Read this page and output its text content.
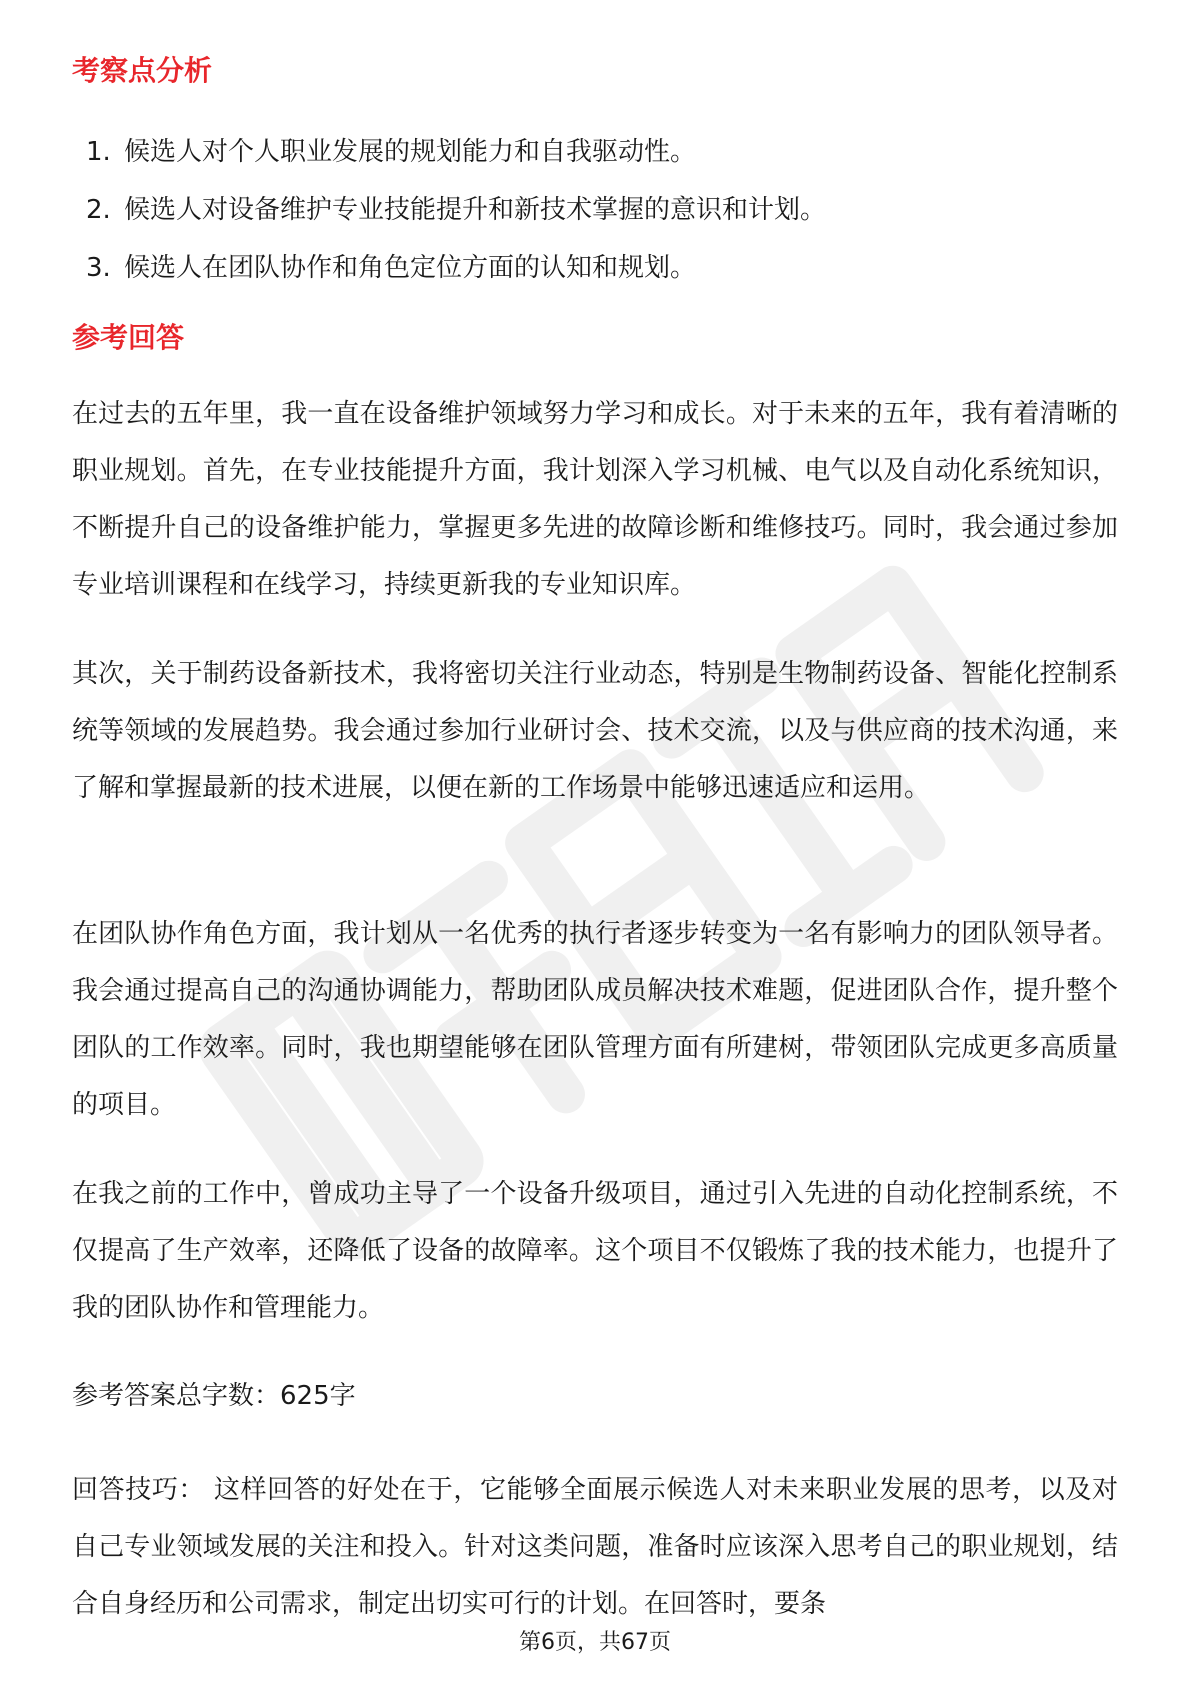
考察点分析
1. 候选人对个人职业发展的规划能力和自我驱动性。
2. 候选人对设备维护专业技能提升和新技术掌握的意识和计划。
3. 候选人在团队协作和角色定位方面的认知和规划。
参考回答

在过去的五年里，我一直在设备维护领域努力学习和成长。对于未来的五年，我有着清晰的职业规划。首先，在专业技能提升方面，我计划深入学习机械、电气以及自动化系统知识，不断提升自己的设备维护能力，掌握更多先进的故障诊断和维修技巧。同时，我会通过参加专业培训课程和在线学习，持续更新我的专业知识库。

其次，关于制药设备新技术，我将密切关注行业动态，特别是生物制药设备、智能化控制系统等领域的发展趋势。我会通过参加行业研讨会、技术交流，以及与供应商的技术沟通，来了解和掌握最新的技术进展，以便在新的工作场景中能够迅速适应和运用。

在团队协作角色方面，我计划从一名优秀的执行者逐步转变为一名有影响力的团队领导者。我会通过提高自己的沟通协调能力，帮助团队成员解决技术难题，促进团队合作，提升整个团队的工作效率。同时，我也期望能够在团队管理方面有所建树，带领团队完成更多高质量的项目。

在我之前的工作中，曾成功主导了一个设备升级项目，通过引入先进的自动化控制系统，不仅提高了生产效率，还降低了设备的故障率。这个项目不仅锻炼了我的技术能力，也提升了我的团队协作和管理能力。

参考答案总字数：625字

回答技巧： 这样回答的好处在于，它能够全面展示候选人对未来职业发展的思考，以及对自己专业领域发展的关注和投入。针对这类问题，准备时应该深入思考自己的职业规划，结合自身经历和公司需求，制定出切实可行的计划。在回答时，要条

第6页，共67页
